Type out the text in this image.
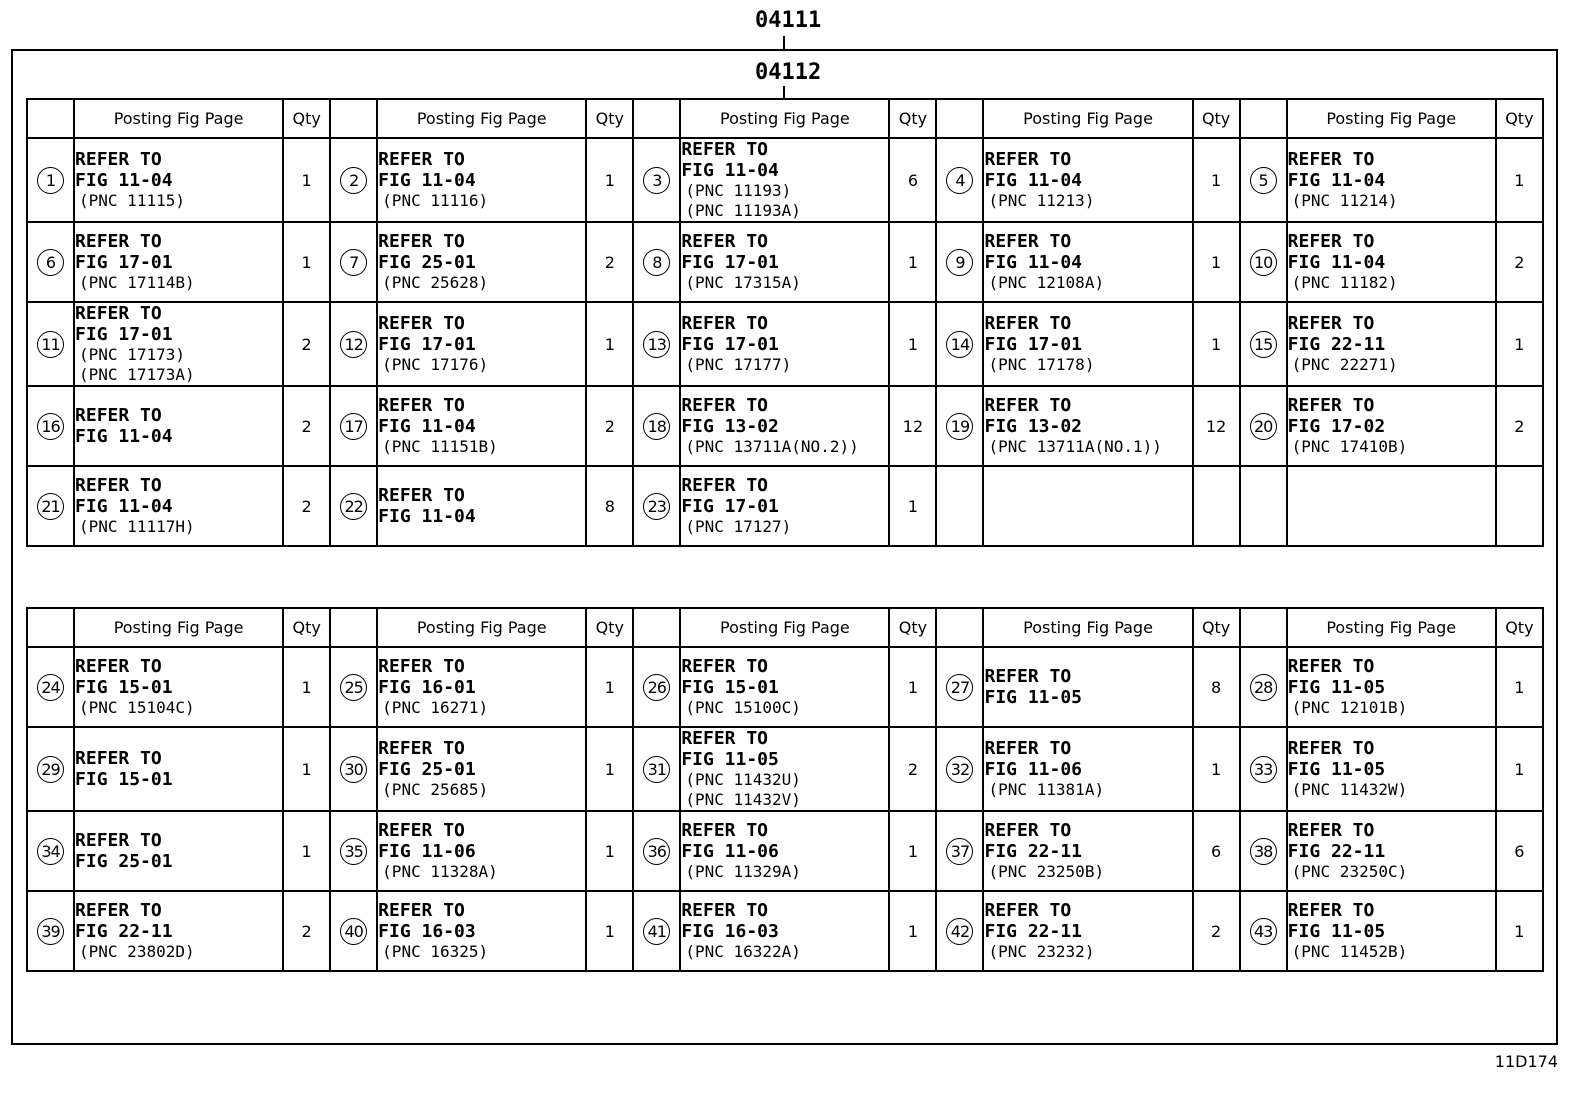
04111
04112
	Posting Fig Page	Qty		Posting Fig Page	Qty		Posting Fig Page	Qty		Posting Fig Page	Qty		Posting Fig Page	Qty
1	REFER TO
FIG 11-04
(PNC 11115)	1	2	REFER TO
FIG 11-04
(PNC 11116)	1	3	REFER TO
FIG 11-04
(PNC 11193)
(PNC 11193A)	6	4	REFER TO
FIG 11-04
(PNC 11213)	1	5	REFER TO
FIG 11-04
(PNC 11214)	1
6	REFER TO
FIG 17-01
(PNC 17114B)	1	7	REFER TO
FIG 25-01
(PNC 25628)	2	8	REFER TO
FIG 17-01
(PNC 17315A)	1	9	REFER TO
FIG 11-04
(PNC 12108A)	1	10	REFER TO
FIG 11-04
(PNC 11182)	2
11	REFER TO
FIG 17-01
(PNC 17173)
(PNC 17173A)	2	12	REFER TO
FIG 17-01
(PNC 17176)	1	13	REFER TO
FIG 17-01
(PNC 17177)	1	14	REFER TO
FIG 17-01
(PNC 17178)	1	15	REFER TO
FIG 22-11
(PNC 22271)	1
16	REFER TO
FIG 11-04	2	17	REFER TO
FIG 11-04
(PNC 11151B)	2	18	REFER TO
FIG 13-02
(PNC 13711A(NO.2))	12	19	REFER TO
FIG 13-02
(PNC 13711A(NO.1))	12	20	REFER TO
FIG 17-02
(PNC 17410B)	2
21	REFER TO
FIG 11-04
(PNC 11117H)	2	22	REFER TO
FIG 11-04	8	23	REFER TO
FIG 17-01
(PNC 17127)	1						
	Posting Fig Page	Qty		Posting Fig Page	Qty		Posting Fig Page	Qty		Posting Fig Page	Qty		Posting Fig Page	Qty
24	REFER TO
FIG 15-01
(PNC 15104C)	1	25	REFER TO
FIG 16-01
(PNC 16271)	1	26	REFER TO
FIG 15-01
(PNC 15100C)	1	27	REFER TO
FIG 11-05	8	28	REFER TO
FIG 11-05
(PNC 12101B)	1
29	REFER TO
FIG 15-01	1	30	REFER TO
FIG 25-01
(PNC 25685)	1	31	REFER TO
FIG 11-05
(PNC 11432U)
(PNC 11432V)	2	32	REFER TO
FIG 11-06
(PNC 11381A)	1	33	REFER TO
FIG 11-05
(PNC 11432W)	1
34	REFER TO
FIG 25-01	1	35	REFER TO
FIG 11-06
(PNC 11328A)	1	36	REFER TO
FIG 11-06
(PNC 11329A)	1	37	REFER TO
FIG 22-11
(PNC 23250B)	6	38	REFER TO
FIG 22-11
(PNC 23250C)	6
39	REFER TO
FIG 22-11
(PNC 23802D)	2	40	REFER TO
FIG 16-03
(PNC 16325)	1	41	REFER TO
FIG 16-03
(PNC 16322A)	1	42	REFER TO
FIG 22-11
(PNC 23232)	2	43	REFER TO
FIG 11-05
(PNC 11452B)	1
11D174
